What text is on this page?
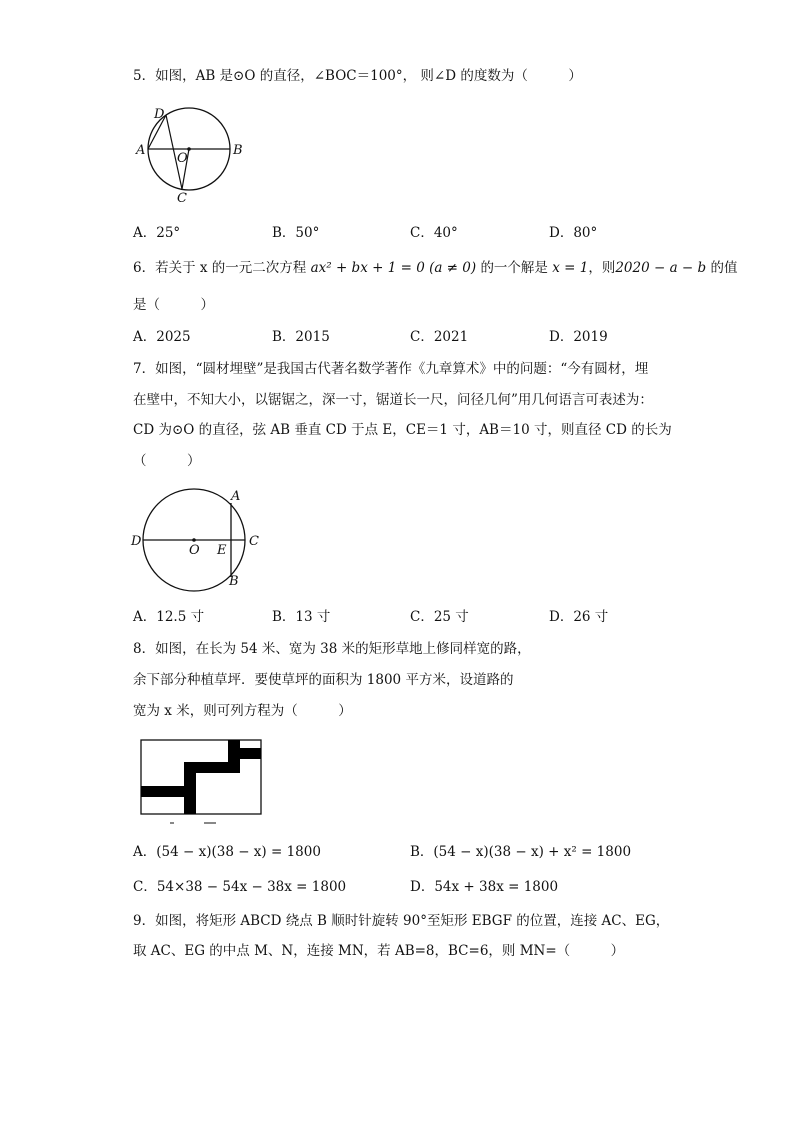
5．如图，AB 是⊙O 的直径，∠BOC＝100°， 则∠D 的度数为（　　　）
D
A
O
B
C
A．25°	B．50°	C．40°	D．80°
6．若关于 x 的一元二次方程 ax² + bx + 1 = 0 (a ≠ 0) 的一个解是 x = 1，则2020 − a − b 的值
是（　　　）
A．2025	B．2015	C．2021	D．2019
7．如图，“圆材埋壁”是我国古代著名数学著作《九章算术》中的问题：“今有圆材，埋
在壁中，不知大小，以锯锯之，深一寸，锯道长一尺，问径几何”用几何语言可表述为：
CD 为⊙O 的直径，弦 AB 垂直 CD 于点 E，CE＝1 寸，AB＝10 寸，则直径 CD 的长为
（　　　）
A
D
O E
C
B
A．12.5 寸	B．13 寸	C．25 寸	D．26 寸
8．如图，在长为 54 米、宽为 38 米的矩形草地上修同样宽的路，
余下部分种植草坪．要使草坪的面积为 1800 平方米，设道路的
宽为 x 米，则可列方程为（　　　）
A．(54 − x)(38 − x) = 1800	B．(54 − x)(38 − x) + x² = 1800
C．54×38 − 54x − 38x = 1800	D．54x + 38x = 1800
9．如图，将矩形 ABCD 绕点 B 顺时针旋转 90°至矩形 EBGF 的位置，连接 AC、EG，
取 AC、EG 的中点 M、N，连接 MN，若 AB=8，BC=6，则 MN=（　　　）
